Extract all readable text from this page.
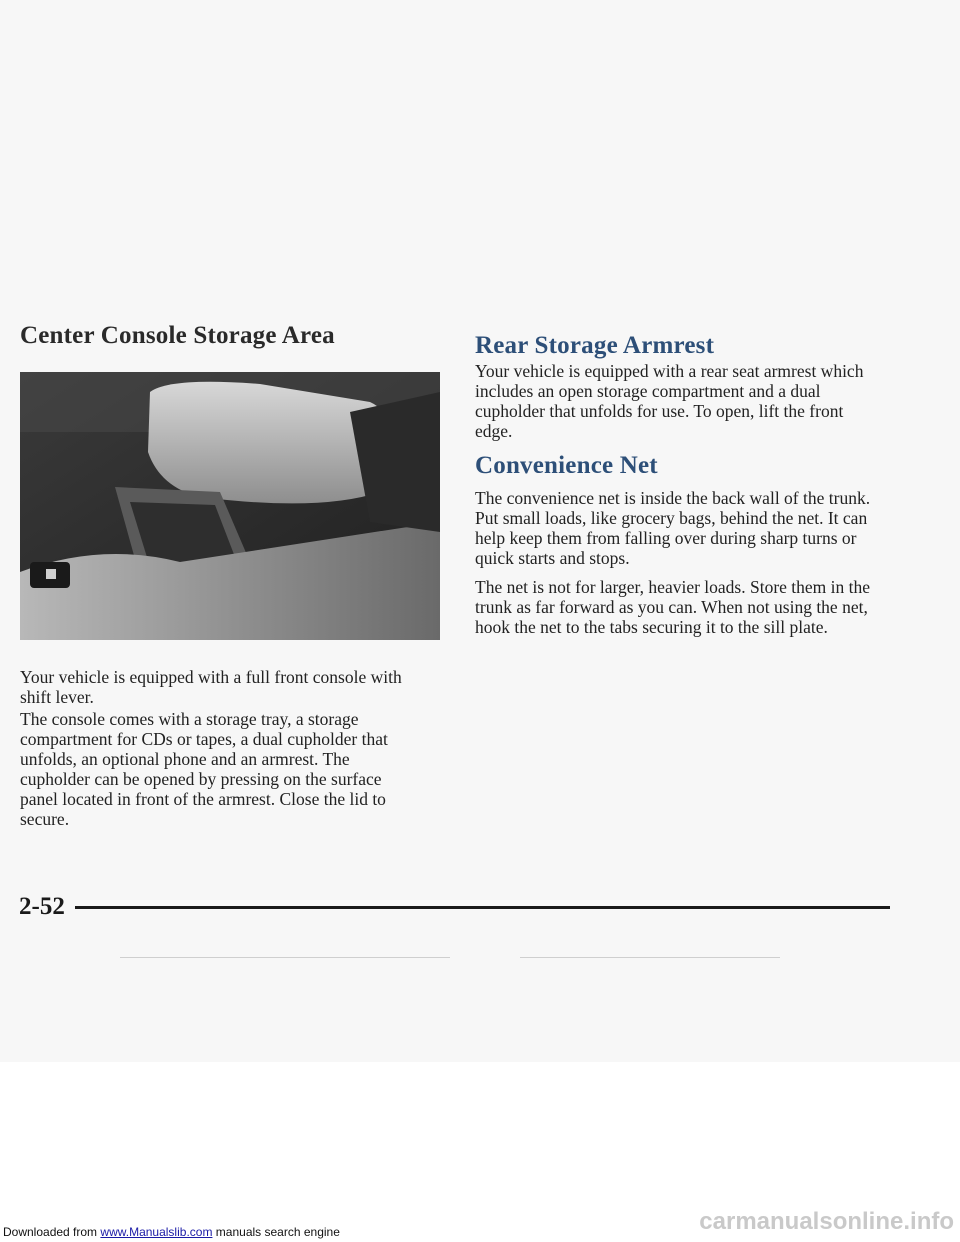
Center Console Storage Area

Your vehicle is equipped with a full front console with shift lever.

The console comes with a storage tray, a storage compartment for CDs or tapes, a dual cupholder that unfolds, an optional phone and an armrest. The cupholder can be opened by pressing on the surface panel located in front of the armrest. Close the lid to secure.

Rear Storage Armrest

Your vehicle is equipped with a rear seat armrest which includes an open storage compartment and a dual cupholder that unfolds for use. To open, lift the front edge.

Convenience Net

The convenience net is inside the back wall of the trunk. Put small loads, like grocery bags, behind the net. It can help keep them from falling over during sharp turns or quick starts and stops.

The net is not for larger, heavier loads. Store them in the trunk as far forward as you can. When not using the net, hook the net to the tabs securing it to the sill plate.

2-52
Downloaded from www.Manualslib.com manuals search engine	carmanualsonline.info
